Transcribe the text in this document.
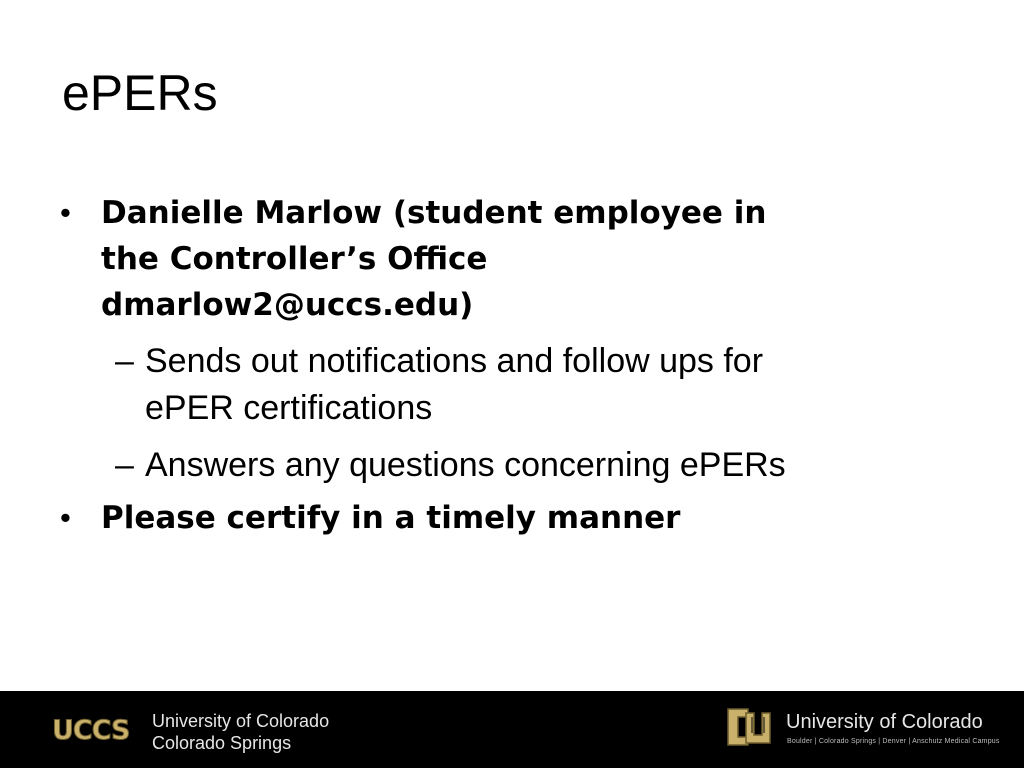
ePERs
• Danielle Marlow (student employee in
the Controller’s Office
dmarlow2@uccs.edu)
– Sends out notifications and follow ups for
ePER certifications
– Answers any questions concerning ePERs
• Please certify in a timely manner
UCCS University of Colorado
Colorado Springs
University of Colorado
Boulder | Colorado Springs | Denver | Anschutz Medical Campus
